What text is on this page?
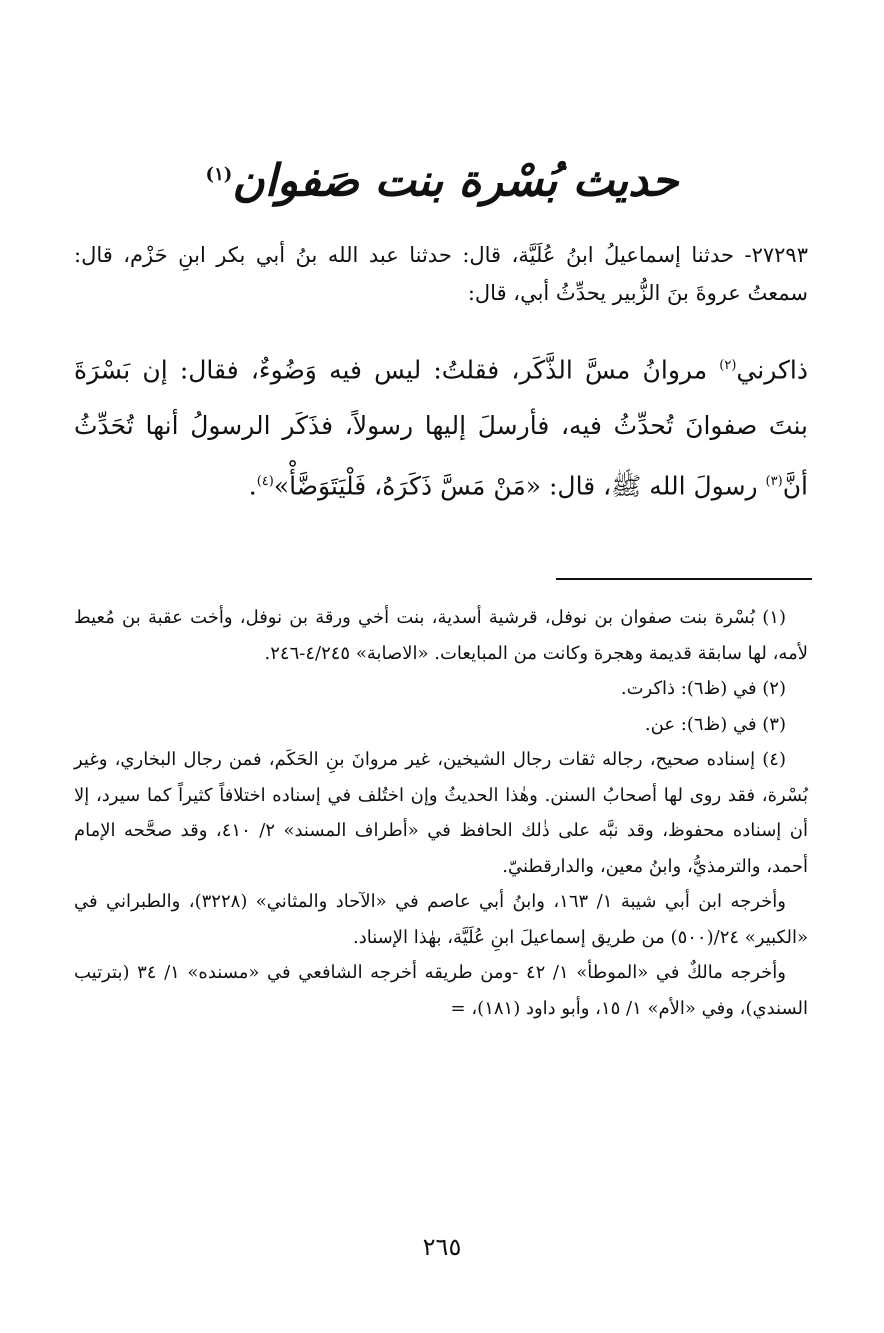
حديث بُسْرة بنت صَفوان$^{(١)}$
٢٧٢٩٣- حدثنا إسماعيلُ ابنُ عُلَيَّة، قال: حدثنا عبد الله بنُ أبي بكر ابنِ حَزْم، قال: سمعتُ عروةَ بنَ الزُّبير يحدِّثُ أبي، قال:
ذاكرني$^{(٢)}$ مروانُ مسَّ الذَّكَر، فقلتُ: ليس فيه وَضُوءٌ، فقال: إن بَسْرَةَ بنتَ صفوانَ تُحدِّثُ فيه، فأرسلَ إليها رسولاً، فذَكَر الرسولُ أنها تُحَدِّثُ أنَّ$^{(٣)}$ رسولَ الله ﷺ، قال: «مَنْ مَسَّ ذَكَرَهُ، فَلْيَتَوَضَّأْ»$^{(٤)}$.

(١) بُسْرة بنت صفوان بن نوفل، قرشية أسدية، بنت أخي ورقة بن نوفل، وأخت عقبة بن مُعيط لأمه، لها سابقة قديمة وهجرة وكانت من المبايعات. «الاصابة» ٤/٢٤٥-٢٤٦.

(٢) في (ظ٦): ذاكرت.

(٣) في (ظ٦): عن.

(٤) إسناده صحيح، رجاله ثقات رجال الشيخين، غير مروانَ بنِ الحَكَم، فمن رجال البخاري، وغير بُسْرة، فقد روى لها أصحابُ السنن. وهٰذا الحديثُ وإن اختُلف في إسناده اختلافاً كثيراً كما سيرد، إلا أن إسناده محفوظ، وقد نبَّه على ذٰلك الحافظ في «أطراف المسند» ٢/ ٤١٠، وقد صحَّحه الإمام أحمد، والترمذيُّ، وابنُ معين، والدارقطنيّ.

وأخرجه ابن أبي شيبة ١/ ١٦٣، وابنُ أبي عاصم في «الآحاد والمثاني» (٣٢٢٨)، والطبراني في «الكبير» ٢٤/(٥٠٠) من طريق إسماعيلَ ابنِ عُلَيَّة، بهٰذا الإسناد.

وأخرجه مالكٌ في «الموطأ» ١/ ٤٢ -ومن طريقه أخرجه الشافعي في «مسنده» ١/ ٣٤ (بترتيب السندي)، وفي «الأم» ١/ ١٥، وأبو داود (١٨١)، =

٢٦٥
